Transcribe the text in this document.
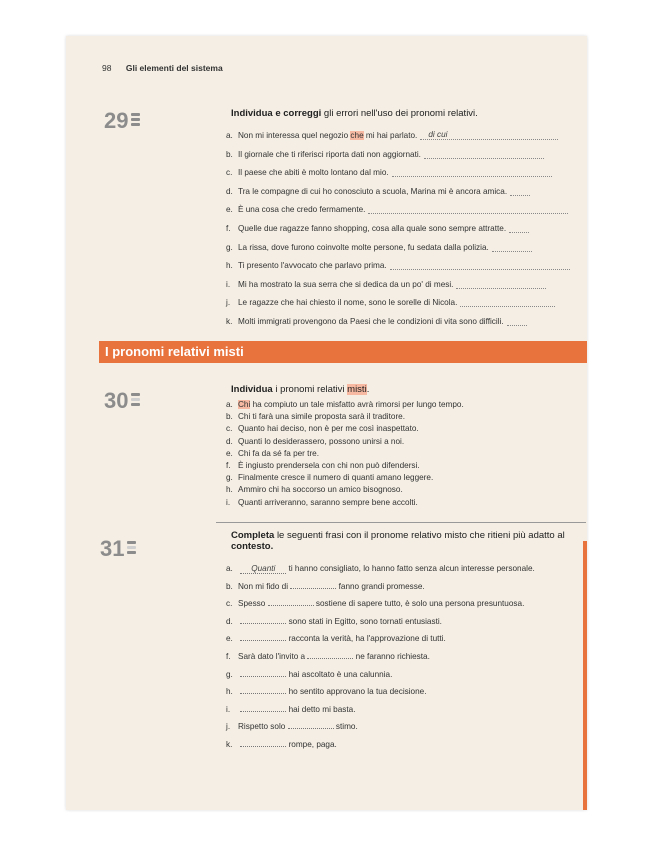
98 Gli elementi del sistema
29	Individua e correggi gli errori nell'uso dei pronomi relativi.
a. Non mi interessa quel negozio che mi hai parlato. di cui
b. Il giornale che ti riferisci riporta dati non aggiornati.
c. Il paese che abiti è molto lontano dal mio.
d. Tra le compagne di cui ho conosciuto a scuola, Marina mi è ancora amica.
e. È una cosa che credo fermamente.
f. Quelle due ragazze fanno shopping, cosa alla quale sono sempre attratte.
g. La rissa, dove furono coinvolte molte persone, fu sedata dalla polizia.
h. Ti presento l'avvocato che parlavo prima.
i. Mi ha mostrato la sua serra che si dedica da un po' di mesi.
j. Le ragazze che hai chiesto il nome, sono le sorelle di Nicola.
k. Molti immigrati provengono da Paesi che le condizioni di vita sono difficili.
I pronomi relativi misti
30	Individua i pronomi relativi misti.
a. Chi ha compiuto un tale misfatto avrà rimorsi per lungo tempo.
b. Chi ti farà una simile proposta sarà il traditore.
c. Quanto hai deciso, non è per me così inaspettato.
d. Quanti lo desiderassero, possono unirsi a noi.
e. Chi fa da sé fa per tre.
f. È ingiusto prendersela con chi non può difendersi.
g. Finalmente cresce il numero di quanti amano leggere.
h. Ammiro chi ha soccorso un amico bisognoso.
i. Quanti arriveranno, saranno sempre bene accolti.
31
Completa le seguenti frasi con il pronome relativo misto che ritieni più adatto al
contesto.
a. Quanti ti hanno consigliato, lo hanno fatto senza alcun interesse personale.
b. Non mi fido di	fanno grandi promesse.
c. Spesso	sostiene di sapere tutto, è solo una persona presuntuosa.
d.	sono stati in Egitto, sono tornati entusiasti.
e.	racconta la verità, ha l'approvazione di tutti.
f. Sarà dato l'invito a	ne faranno richiesta.
g.	hai ascoltato è una calunnia.
h.	ho sentito approvano la tua decisione.
i.	hai detto mi basta.
j. Rispetto solo	stimo.
k.	rompe, paga.
